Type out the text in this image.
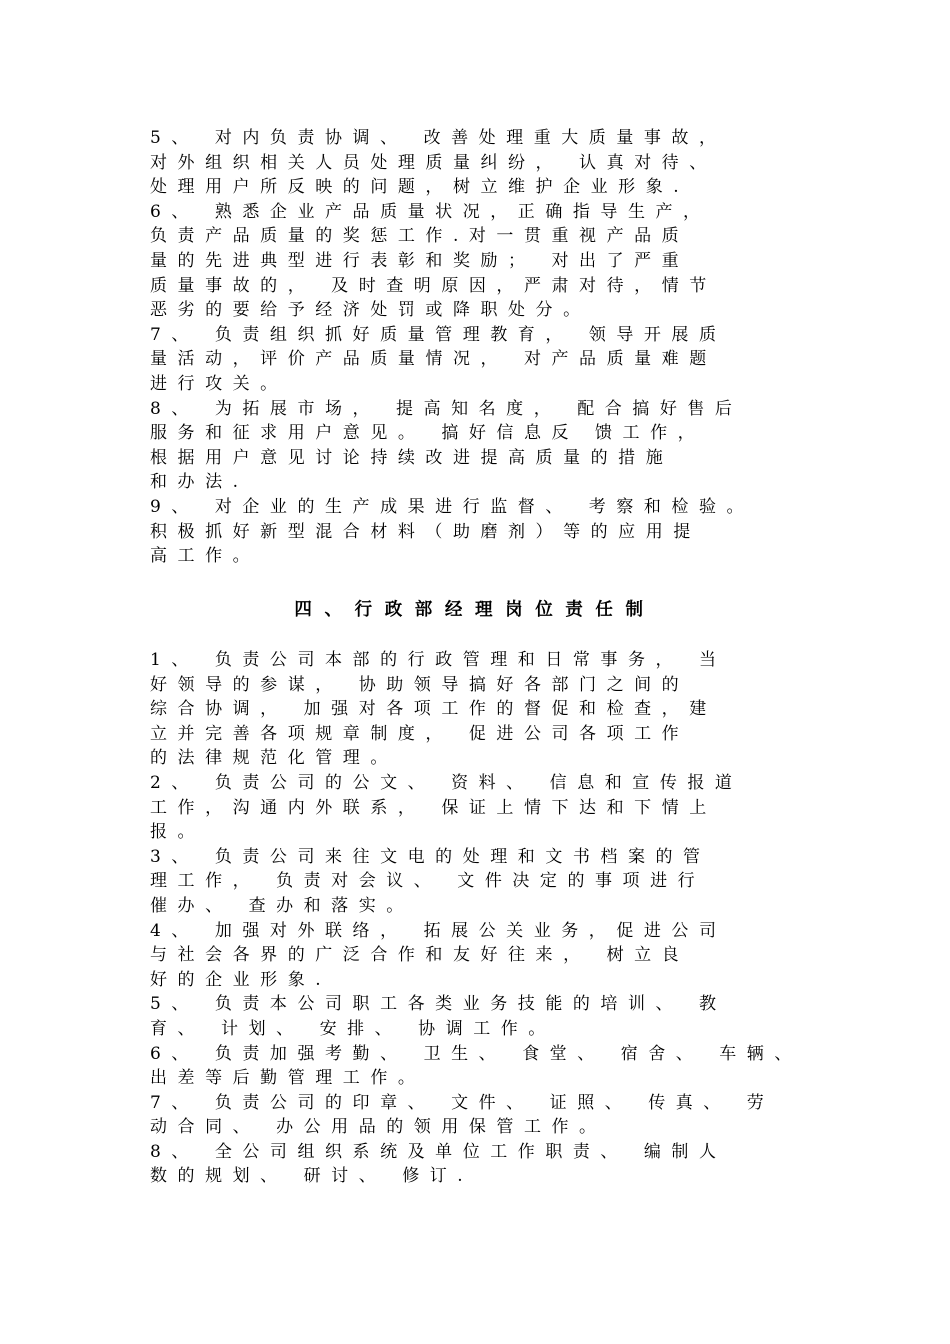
5、 对内负责协调、 改善处理重大质量事故，
对外组织相关人员处理质量纠纷， 认真对待、
处理用户所反映的问题，树立维护企业形象.
6、 熟悉企业产品质量状况，正确指导生产，
负责产品质量的奖惩工作.对一贯重视产品质
量的先进典型进行表彰和奖励； 对出了严重
质量事故的， 及时查明原因，严肃对待，情节
恶劣的要给予经济处罚或降职处分。
7、 负责组织抓好质量管理教育， 领导开展质
量活动，评价产品质量情况， 对产品质量难题
进行攻关。
8、 为拓展市场， 提高知名度， 配合搞好售后
服务和征求用户意见。 搞好信息反 馈工作，
根据用户意见讨论持续改进提高质量的措施
和办法.
9、 对企业的生产成果进行监督、 考察和检验。
积极抓好新型混合材料（助磨剂）等的应用提
高工作。
四、行政部经理岗位责任制
1、 负责公司本部的行政管理和日常事务， 当
好领导的参谋， 协助领导搞好各部门之间的
综合协调， 加强对各项工作的督促和检查，建
立并完善各项规章制度， 促进公司各项工作
的法律规范化管理。
2、 负责公司的公文、 资料、 信息和宣传报道
工作，沟通内外联系， 保证上情下达和下情上
报。
3、 负责公司来往文电的处理和文书档案的管
理工作， 负责对会议、 文件决定的事项进行
催办、 查办和落实。
4、 加强对外联络， 拓展公关业务，促进公司
与社会各界的广泛合作和友好往来， 树立良
好的企业形象.
5、 负责本公司职工各类业务技能的培训、 教
育、 计划、 安排、 协调工作。
6、 负责加强考勤、 卫生、 食堂、 宿舍、 车辆、
出差等后勤管理工作。
7、 负责公司的印章、 文件、 证照、 传真、 劳
动合同、 办公用品的领用保管工作。
8、 全公司组织系统及单位工作职责、 编制人
数的规划、 研讨、 修订.
